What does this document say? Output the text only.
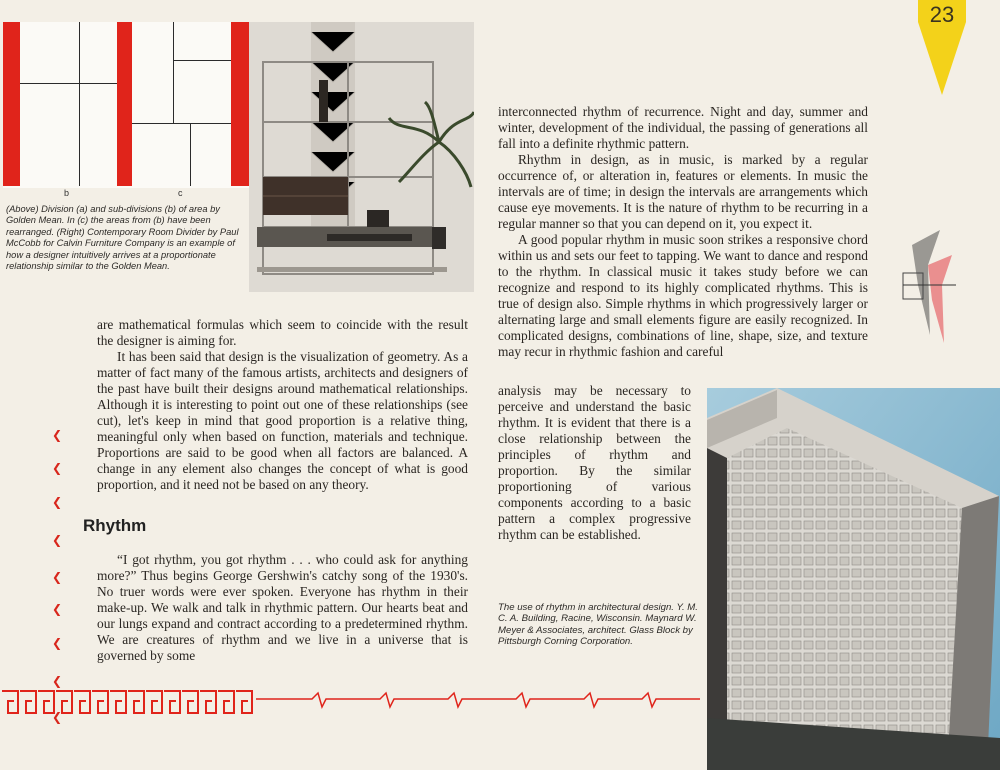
23
b	c
(Above) Division (a) and sub-divisions (b) of area by Golden Mean. In (c) the areas from (b) have been rearranged. (Right) Contemporary Room Divider by Paul McCobb for Calvin Furniture Company is an example of how a designer intuitively arrives at a proportionate relationship similar to the Golden Mean.

are mathematical formulas which seem to coincide with the result the designer is aiming for.

It has been said that design is the visualization of geometry. As a matter of fact many of the famous artists, architects and designers of the past have built their designs around mathematical relationships. Although it is interesting to point out one of these relationships (see cut), let's keep in mind that good proportion is a relative thing, meaningful only when based on function, materials and technique. Proportions are said to be good when all factors are balanced. A change in any element also changes the concept of what is good proportion, and it need not be based on any theory.

Rhythm

“I got rhythm, you got rhythm . . . who could ask for anything more?” Thus begins George Gershwin's catchy song of the 1930's. No truer words were ever spoken. Everyone has rhythm in their make-up. We walk and talk in rhythmic pattern. Our hearts beat and our lungs expand and contract according to a predetermined rhythm. We are creatures of rhythm and we live in a universe that is governed by some

❮
❮
❮
❮
❮
❮
❮
❮
❮

interconnected rhythm of recurrence. Night and day, summer and winter, development of the individual, the passing of generations all fall into a definite rhythmic pattern.

Rhythm in design, as in music, is marked by a regular occurrence of, or alteration in, features or elements. In music the intervals are of time; in design the intervals are arrangements which cause eye movements. It is the nature of rhythm to be recurring in a regular manner so that you can depend on it, you expect it.

A good popular rhythm in music soon strikes a responsive chord within us and sets our feet to tapping. We want to dance and respond to the rhythm. In classical music it takes study before we can recognize and respond to its highly complicated rhythms. This is true of design also. Simple rhythms in which progressively larger or alternating large and small elements figure are easily recognized. In complicated designs, combinations of line, shape, size, and texture may recur in rhythmic fashion and careful

analysis may be necessary to perceive and understand the basic rhythm. It is evident that there is a close relationship between the principles of rhythm and proportion. By the similar proportioning of various components according to a basic pattern a complex progressive rhythm can be established.

The use of rhythm in architectural design. Y. M. C. A. Building, Racine, Wisconsin. Maynard W. Meyer & Associates, architect. Glass Block by Pittsburgh Corning Corporation.
